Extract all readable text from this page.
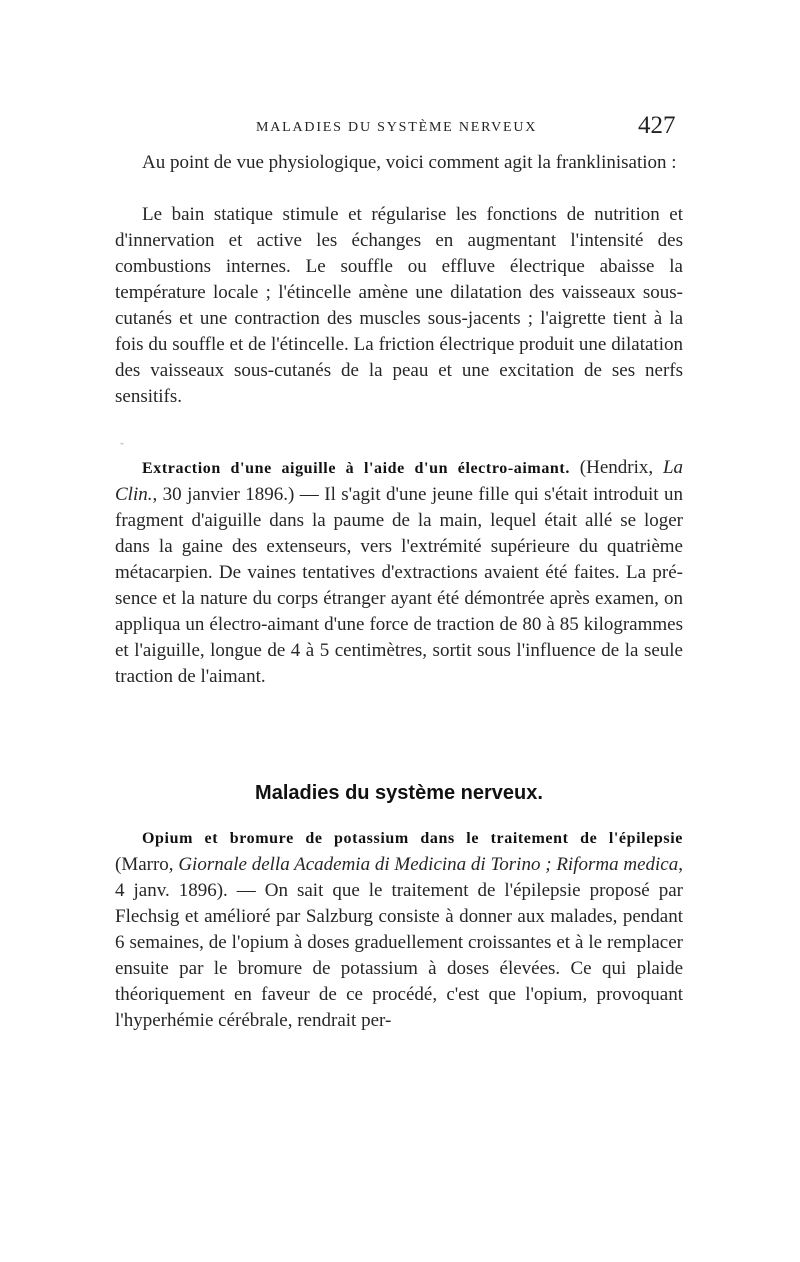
MALADIES DU SYSTÈME NERVEUX	427

Au point de vue physiologique, voici comment agit la franklinisation :

Le bain statique stimule et régularise les fonctions de nutrition et d'innervation et active les échanges en augmentant l'intensité des combustions internes. Le souffle ou effluve électrique abaisse la température locale ; l'étincelle amène une dilatation des vaisseaux sous-cutanés et une contraction des muscles sous-jacents ; l'aigrette tient à la fois du souffle et de l'étincelle. La friction électrique produit une dilatation des vaisseaux sous-cutanés de la peau et une excitation de ses nerfs sensitifs.

ˇ

Extraction d'une aiguille à l'aide d'un électro-aimant. (Hendrix, La Clin., 30 janvier 1896.) — Il s'agit d'une jeune fille qui s'était introduit un fragment d'aiguille dans la paume de la main, lequel était allé se loger dans la gaine des extenseurs, vers l'extrémité supérieure du quatrième métacarpien. De vaines tentatives d'extractions avaient été faites. La présence et la nature du corps étranger ayant été démontrée après examen, on appliqua un électro-aimant d'une force de traction de 80 à 85 kilogrammes et l'aiguille, longue de 4 à 5 centimètres, sortit sous l'influence de la seule traction de l'aimant.

Maladies du système nerveux.

Opium et bromure de potassium dans le traitement de l'épilepsie (Marro, Giornale della Academia di Medicina di Torino ; Riforma medica, 4 janv. 1896). — On sait que le traitement de l'épilepsie proposé par Flechsig et amélioré par Salzburg consiste à donner aux malades, pendant 6 semaines, de l'opium à doses graduellement croissantes et à le remplacer ensuite par le bromure de potassium à doses élevées. Ce qui plaide théoriquement en faveur de ce procédé, c'est que l'opium, provoquant l'hyperhémie cérébrale, rendrait per-
